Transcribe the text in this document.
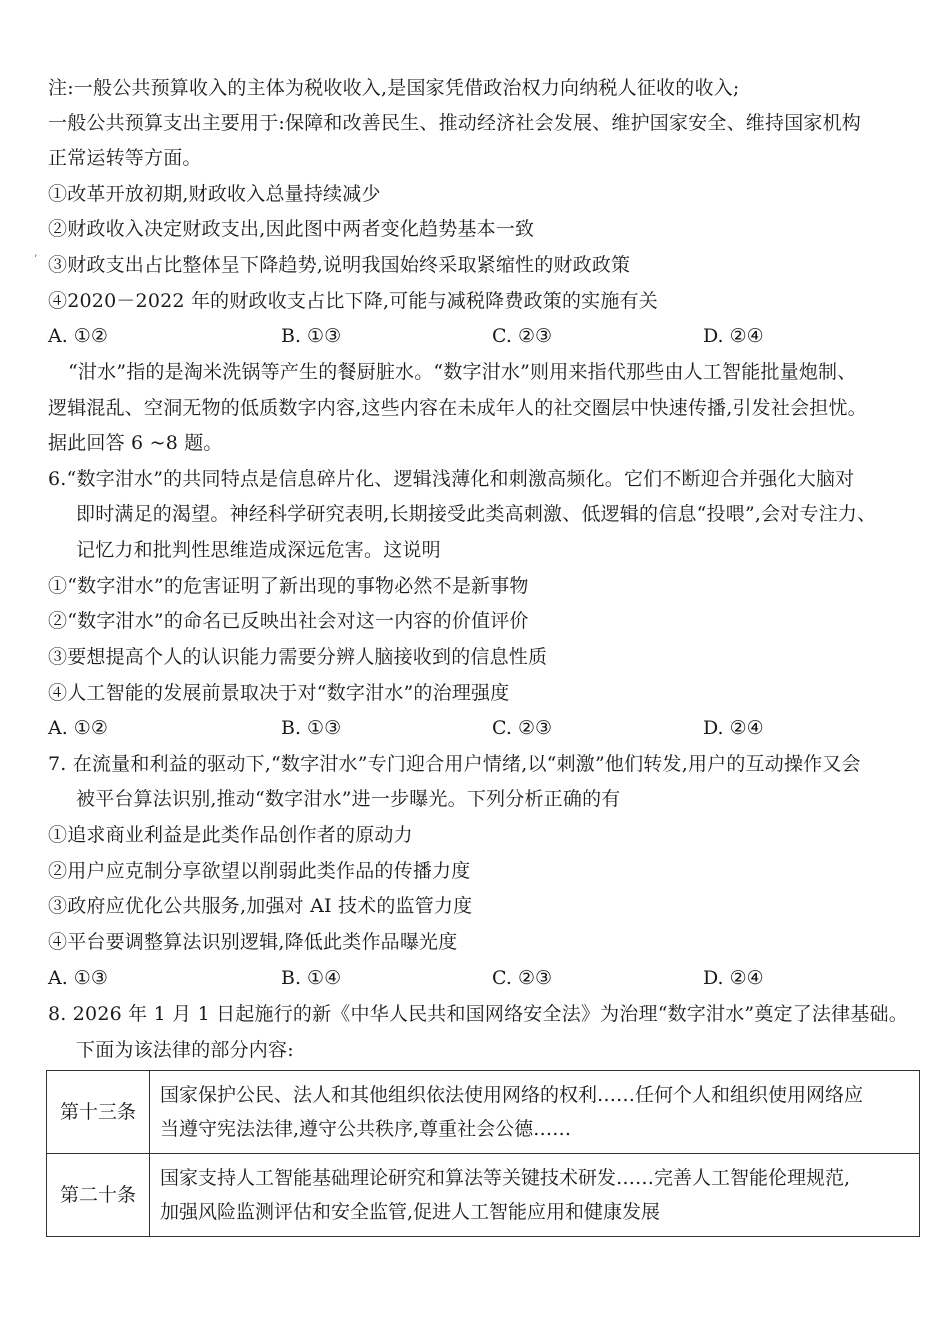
注:一般公共预算收入的主体为税收收入,是国家凭借政治权力向纳税人征收的收入;
一般公共预算支出主要用于:保障和改善民生、推动经济社会发展、维护国家安全、维持国家机构
正常运转等方面。
①改革开放初期,财政收入总量持续减少
②财政收入决定财政支出,因此图中两者变化趋势基本一致
’ ③财政支出占比整体呈下降趋势,说明我国始终采取紧缩性的财政政策
④2020－2022 年的财政收支占比下降,可能与减税降费政策的实施有关
A. ①②	B. ①③	C. ②③	D. ②④
“泔水”指的是淘米洗锅等产生的餐厨脏水。“数字泔水”则用来指代那些由人工智能批量炮制、
逻辑混乱、空洞无物的低质数字内容,这些内容在未成年人的社交圈层中快速传播,引发社会担忧。
据此回答 6 ~8 题。
6.“数字泔水”的共同特点是信息碎片化、逻辑浅薄化和刺激高频化。它们不断迎合并强化大脑对
即时满足的渴望。神经科学研究表明,长期接受此类高刺激、低逻辑的信息“投喂”,会对专注力、
记忆力和批判性思维造成深远危害。这说明
①“数字泔水”的危害证明了新出现的事物必然不是新事物
②“数字泔水”的命名已反映出社会对这一内容的价值评价
③要想提高个人的认识能力需要分辨人脑接收到的信息性质
④人工智能的发展前景取决于对“数字泔水”的治理强度
A. ①②	B. ①③	C. ②③	D. ②④
7. 在流量和利益的驱动下,“数字泔水”专门迎合用户情绪,以“刺激”他们转发,用户的互动操作又会
被平台算法识别,推动“数字泔水”进一步曝光。下列分析正确的有
①追求商业利益是此类作品创作者的原动力
②用户应克制分享欲望以削弱此类作品的传播力度
③政府应优化公共服务,加强对 AI 技术的监管力度
④平台要调整算法识别逻辑,降低此类作品曝光度
A. ①③	B. ①④	C. ②③	D. ②④
8. 2026 年 1 月 1 日起施行的新《中华人民共和国网络安全法》为治理“数字泔水”奠定了法律基础。
下面为该法律的部分内容:
第十三条	国家保护公民、法人和其他组织依法使用网络的权利……任何个人和组织使用网络应
当遵守宪法法律,遵守公共秩序,尊重社会公德……

第二十条	国家支持人工智能基础理论研究和算法等关键技术研发……完善人工智能伦理规范,
加强风险监测评估和安全监管,促进人工智能应用和健康发展
